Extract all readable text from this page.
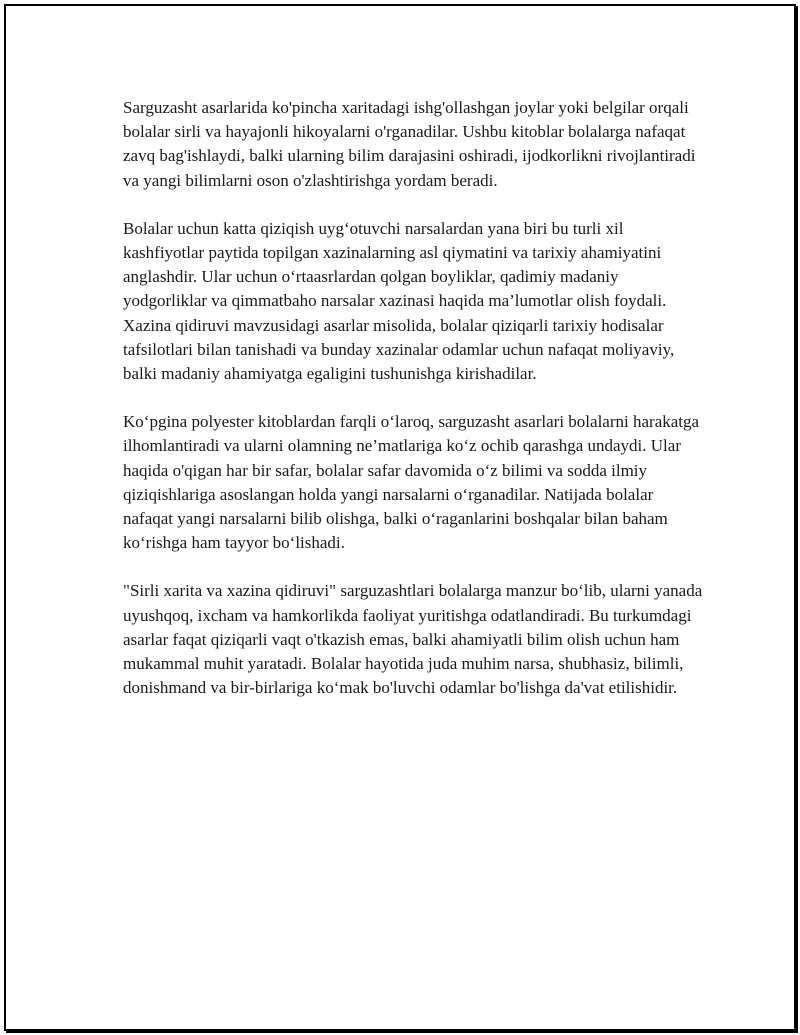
Sarguzasht asarlarida ko'pincha xaritadagi ishg'ollashgan joylar yoki belgilar orqali bolalar sirli va hayajonli hikoyalarni o'rganadilar. Ushbu kitoblar bolalarga nafaqat zavq bag'ishlaydi, balki ularning bilim darajasini oshiradi, ijodkorlikni rivojlantiradi va yangi bilimlarni oson o'zlashtirishga yordam beradi.

Bolalar uchun katta qiziqish uyg‘otuvchi narsalardan yana biri bu turli xil kashfiyotlar paytida topilgan xazinalarning asl qiymatini va tarixiy ahamiyatini anglashdir. Ular uchun o‘rtaasrlardan qolgan boyliklar, qadimiy madaniy yodgorliklar va qimmatbaho narsalar xazinasi haqida ma’lumotlar olish foydali. Xazina qidiruvi mavzusidagi asarlar misolida, bolalar qiziqarli tarixiy hodisalar tafsilotlari bilan tanishadi va bunday xazinalar odamlar uchun nafaqat moliyaviy, balki madaniy ahamiyatga egaligini tushunishga kirishadilar.

Ko‘pgina polyester kitoblardan farqli o‘laroq, sarguzasht asarlari bolalarni harakatga ilhomlantiradi va ularni olamning ne’matlariga ko‘z ochib qarashga undaydi. Ular haqida o'qigan har bir safar, bolalar safar davomida o‘z bilimi va sodda ilmiy qiziqishlariga asoslangan holda yangi narsalarni o‘rganadilar. Natijada bolalar nafaqat yangi narsalarni bilib olishga, balki o‘raganlarini boshqalar bilan baham ko‘rishga ham tayyor bo‘lishadi.

"Sirli xarita va xazina qidiruvi" sarguzashtlari bolalarga manzur bo‘lib, ularni yanada uyushqoq, ixcham va hamkorlikda faoliyat yuritishga odatlandiradi. Bu turkumdagi asarlar faqat qiziqarli vaqt o'tkazish emas, balki ahamiyatli bilim olish uchun ham mukammal muhit yaratadi. Bolalar hayotida juda muhim narsa, shubhasiz, bilimli, donishmand va bir-birlariga ko‘mak bo'luvchi odamlar bo'lishga da'vat etilishidir.
